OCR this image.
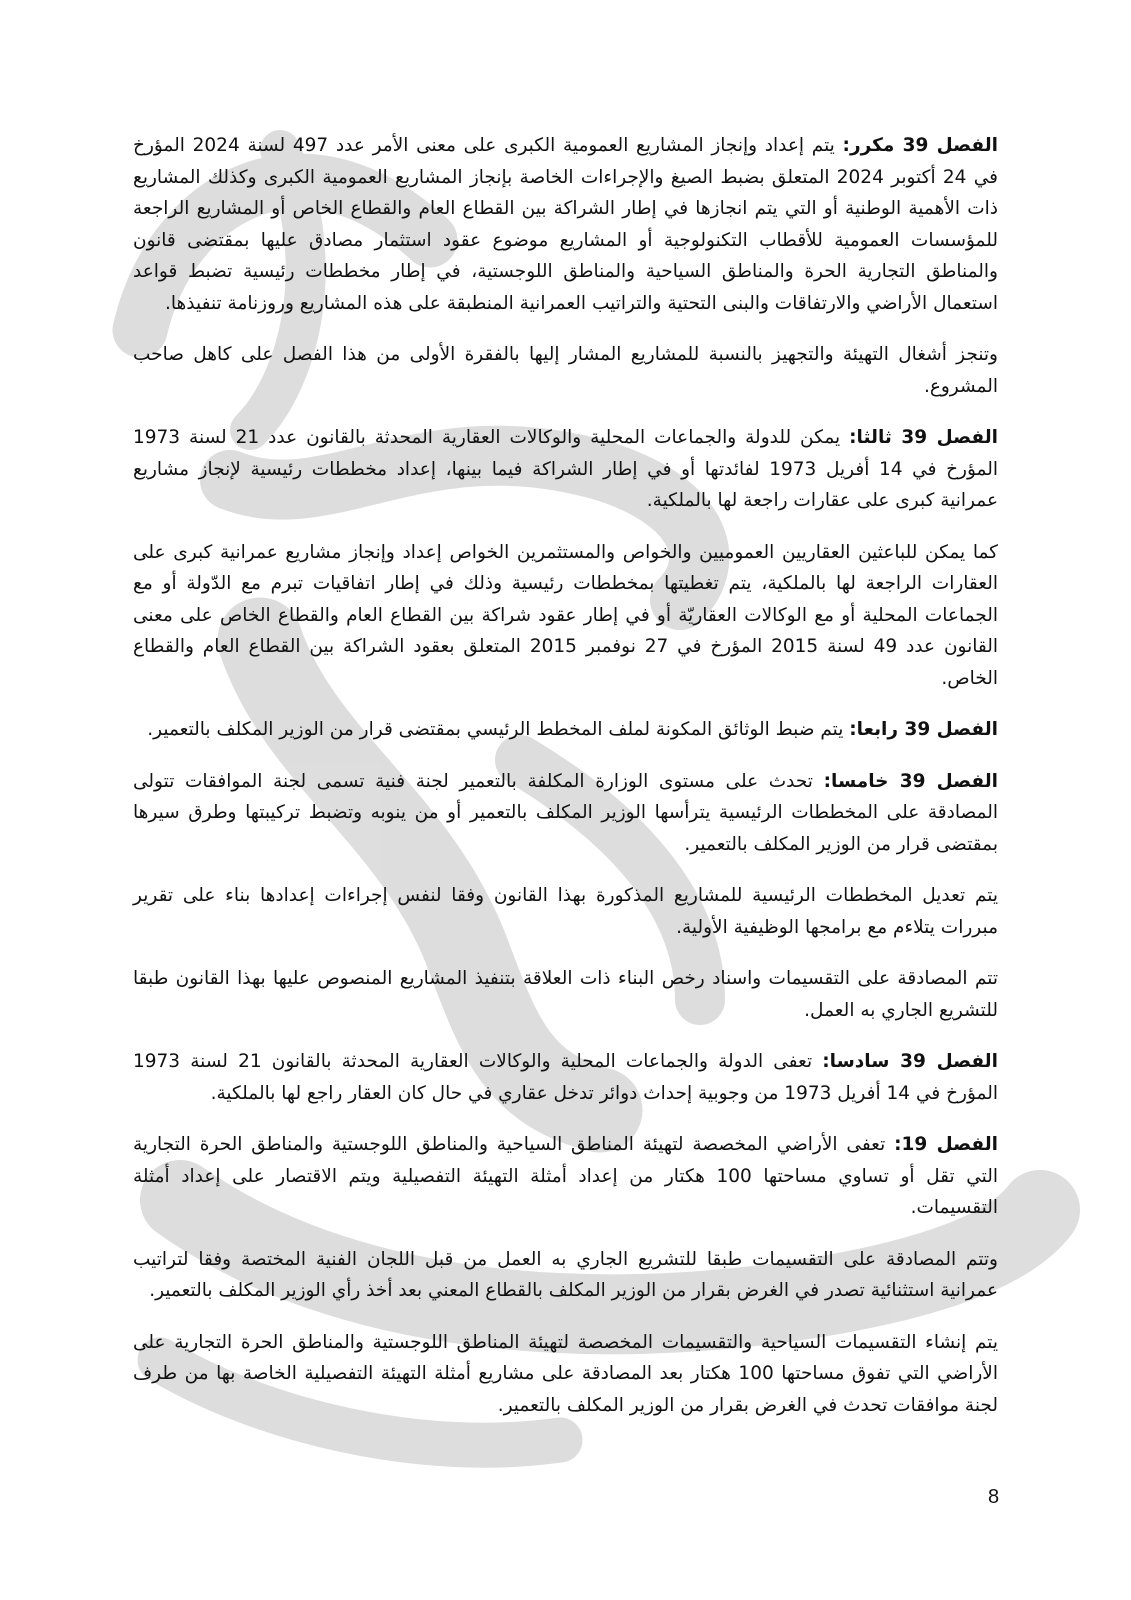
الفصل 39 مكرر: يتم إعداد وإنجاز المشاريع العمومية الكبرى على معنى الأمر عدد 497 لسنة 2024 المؤرخ في 24 أكتوبر 2024 المتعلق بضبط الصيغ والإجراءات الخاصة بإنجاز المشاريع العمومية الكبرى وكذلك المشاريع ذات الأهمية الوطنية أو التي يتم انجازها في إطار الشراكة بين القطاع العام والقطاع الخاص أو المشاريع الراجعة للمؤسسات العمومية للأقطاب التكنولوجية أو المشاريع موضوع عقود استثمار مصادق عليها بمقتضى قانون والمناطق التجارية الحرة والمناطق السياحية والمناطق اللوجستية، في إطار مخططات رئيسية تضبط قواعد استعمال الأراضي والارتفاقات والبنى التحتية والتراتيب العمرانية المنطبقة على هذه المشاريع وروزنامة تنفيذها.

وتنجز أشغال التهيئة والتجهيز بالنسبة للمشاريع المشار إليها بالفقرة الأولى من هذا الفصل على كاهل صاحب المشروع.

الفصل 39 ثالثا: يمكن للدولة والجماعات المحلية والوكالات العقارية المحدثة بالقانون عدد 21 لسنة 1973 المؤرخ في 14 أفريل 1973 لفائدتها أو في إطار الشراكة فيما بينها، إعداد مخططات رئيسية لإنجاز مشاريع عمرانية كبرى على عقارات راجعة لها بالملكية.

كما يمكن للباعثين العقاريين العموميين والخواص والمستثمرين الخواص إعداد وإنجاز مشاريع عمرانية كبرى على العقارات الراجعة لها بالملكية، يتم تغطيتها بمخططات رئيسية وذلك في إطار اتفاقيات تبرم مع الدّولة أو مع الجماعات المحلية أو مع الوكالات العقاريّة أو في إطار عقود شراكة بين القطاع العام والقطاع الخاص على معنى القانون عدد 49 لسنة 2015 المؤرخ في 27 نوفمبر 2015 المتعلق بعقود الشراكة بين القطاع العام والقطاع الخاص.

الفصل 39 رابعا: يتم ضبط الوثائق المكونة لملف المخطط الرئيسي بمقتضى قرار من الوزير المكلف بالتعمير.

الفصل 39 خامسا: تحدث على مستوى الوزارة المكلفة بالتعمير لجنة فنية تسمى لجنة الموافقات تتولى المصادقة على المخططات الرئيسية يترأسها الوزير المكلف بالتعمير أو من ينوبه وتضبط تركيبتها وطرق سيرها بمقتضى قرار من الوزير المكلف بالتعمير.

يتم تعديل المخططات الرئيسية للمشاريع المذكورة بهذا القانون وفقا لنفس إجراءات إعدادها بناء على تقرير مبررات يتلاءم مع برامجها الوظيفية الأولية.

تتم المصادقة على التقسيمات واسناد رخص البناء ذات العلاقة بتنفيذ المشاريع المنصوص عليها بهذا القانون طبقا للتشريع الجاري به العمل.

الفصل 39 سادسا: تعفى الدولة والجماعات المحلية والوكالات العقارية المحدثة بالقانون 21 لسنة 1973 المؤرخ في 14 أفريل 1973 من وجوبية إحداث دوائر تدخل عقاري في حال كان العقار راجع لها بالملكية.

الفصل 19: تعفى الأراضي المخصصة لتهيئة المناطق السياحية والمناطق اللوجستية والمناطق الحرة التجارية التي تقل أو تساوي مساحتها 100 هكتار من إعداد أمثلة التهيئة التفصيلية ويتم الاقتصار على إعداد أمثلة التقسيمات.

وتتم المصادقة على التقسيمات طبقا للتشريع الجاري به العمل من قبل اللجان الفنية المختصة وفقا لتراتيب عمرانية استثنائية تصدر في الغرض بقرار من الوزير المكلف بالقطاع المعني بعد أخذ رأي الوزير المكلف بالتعمير.

يتم إنشاء التقسيمات السياحية والتقسيمات المخصصة لتهيئة المناطق اللوجستية والمناطق الحرة التجارية على الأراضي التي تفوق مساحتها 100 هكتار بعد المصادقة على مشاريع أمثلة التهيئة التفصيلية الخاصة بها من طرف لجنة موافقات تحدث في الغرض بقرار من الوزير المكلف بالتعمير.

8
